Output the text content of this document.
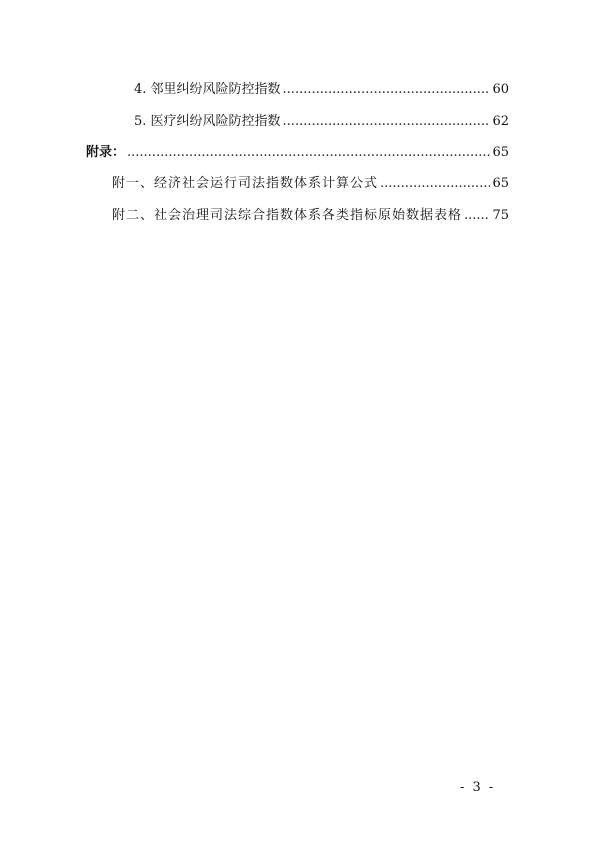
4. 邻里纠纷风险防控指数 .....	60
5. 医疗纠纷风险防控指数 .....	62
附录： .....	65
附一、经济社会运行司法指数体系计算公式 .....	65
附二、社会治理司法综合指数体系各类指标原始数据表格 ..... 75
- 3 -
